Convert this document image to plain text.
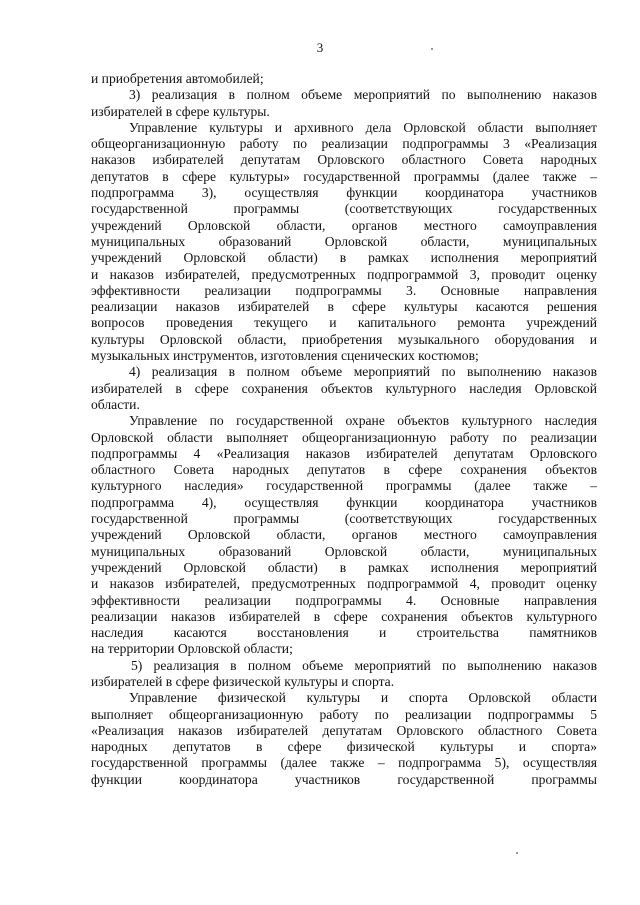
3
и приобретения автомобилей;
3) реализация в полном объеме мероприятий по выполнению наказов
избирателей в сфере культуры.
Управление культуры и архивного дела Орловской области выполняет
общеорганизационную работу по реализации подпрограммы 3 «Реализация
наказов избирателей депутатам Орловского областного Совета народных
депутатов в сфере культуры» государственной программы (далее также –
подпрограмма 3), осуществляя функции координатора участников
государственной программы (соответствующих государственных
учреждений Орловской области, органов местного самоуправления
муниципальных образований Орловской области, муниципальных
учреждений Орловской области) в рамках исполнения мероприятий
и наказов избирателей, предусмотренных подпрограммой 3, проводит оценку
эффективности реализации подпрограммы 3. Основные направления
реализации наказов избирателей в сфере культуры касаются решения
вопросов проведения текущего и капитального ремонта учреждений
культуры Орловской области, приобретения музыкального оборудования и
музыкальных инструментов, изготовления сценических костюмов;
4) реализация в полном объеме мероприятий по выполнению наказов
избирателей в сфере сохранения объектов культурного наследия Орловской
области.
Управление по государственной охране объектов культурного наследия
Орловской области выполняет общеорганизационную работу по реализации
подпрограммы 4 «Реализация наказов избирателей депутатам Орловского
областного Совета народных депутатов в сфере сохранения объектов
культурного наследия» государственной программы (далее также –
подпрограмма 4), осуществляя функции координатора участников
государственной программы (соответствующих государственных
учреждений Орловской области, органов местного самоуправления
муниципальных образований Орловской области, муниципальных
учреждений Орловской области) в рамках исполнения мероприятий
и наказов избирателей, предусмотренных подпрограммой 4, проводит оценку
эффективности реализации подпрограммы 4. Основные направления
реализации наказов избирателей в сфере сохранения объектов культурного
наследия касаются восстановления и строительства памятников
на территории Орловской области;
5) реализация в полном объеме мероприятий по выполнению наказов
избирателей в сфере физической культуры и спорта.
Управление физической культуры и спорта Орловской области
выполняет общеорганизационную работу по реализации подпрограммы 5
«Реализация наказов избирателей депутатам Орловского областного Совета
народных депутатов в сфере физической культуры и спорта»
государственной программы (далее также – подпрограмма 5), осуществляя
функции координатора участников государственной программы
